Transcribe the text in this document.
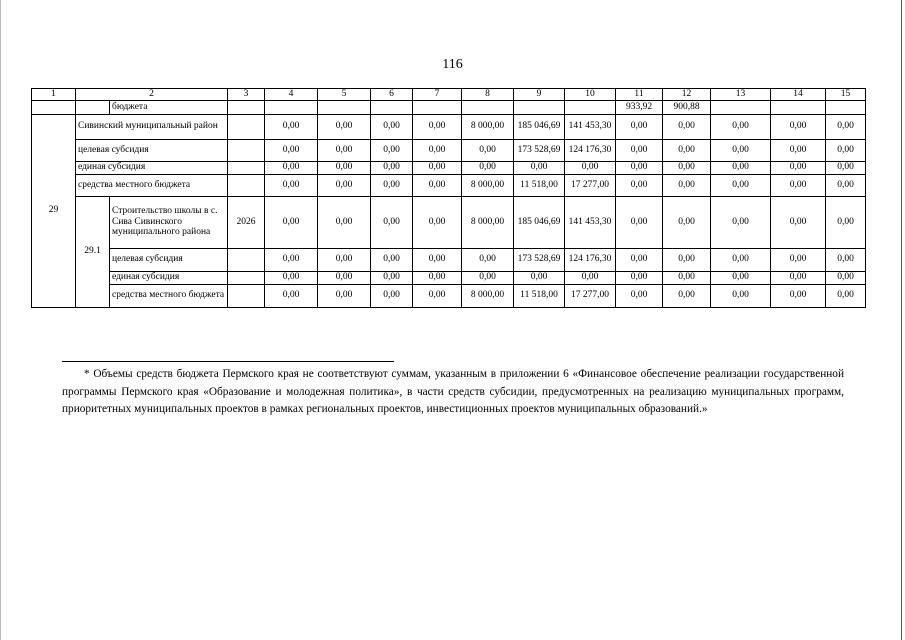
116
1	2		3	4	5	6	7	8	9	10	11	12	13	14	15
		бюджета									933,92	900,88			
29	Сивинский муниципальный район			0,00	0,00	0,00	0,00	8 000,00	185 046,69	141 453,30	0,00	0,00	0,00	0,00	0,00
	целевая субсидия			0,00	0,00	0,00	0,00	0,00	173 528,69	124 176,30	0,00	0,00	0,00	0,00	0,00
	единая субсидия			0,00	0,00	0,00	0,00	0,00	0,00	0,00	0,00	0,00	0,00	0,00	0,00
	средства местного бюджета			0,00	0,00	0,00	0,00	8 000,00	11 518,00	17 277,00	0,00	0,00	0,00	0,00	0,00
	29.1	Строительство школы в с. Сива Сивинского муниципального района	2026	0,00	0,00	0,00	0,00	8 000,00	185 046,69	141 453,30	0,00	0,00	0,00	0,00	0,00
		целевая субсидия		0,00	0,00	0,00	0,00	0,00	173 528,69	124 176,30	0,00	0,00	0,00	0,00	0,00
		единая субсидия		0,00	0,00	0,00	0,00	0,00	0,00	0,00	0,00	0,00	0,00	0,00	0,00
		средства местного бюджета		0,00	0,00	0,00	0,00	8 000,00	11 518,00	17 277,00	0,00	0,00	0,00	0,00	0,00

* Объемы средств бюджета Пермского края не соответствуют суммам, указанным в приложении 6 «Финансовое обеспечение реализации государственной программы Пермского края «Образование и молодежная политика», в части средств субсидии, предусмотренных на реализацию муниципальных программ, приоритетных муниципальных проектов в рамках региональных проектов, инвестиционных проектов муниципальных образований.»
